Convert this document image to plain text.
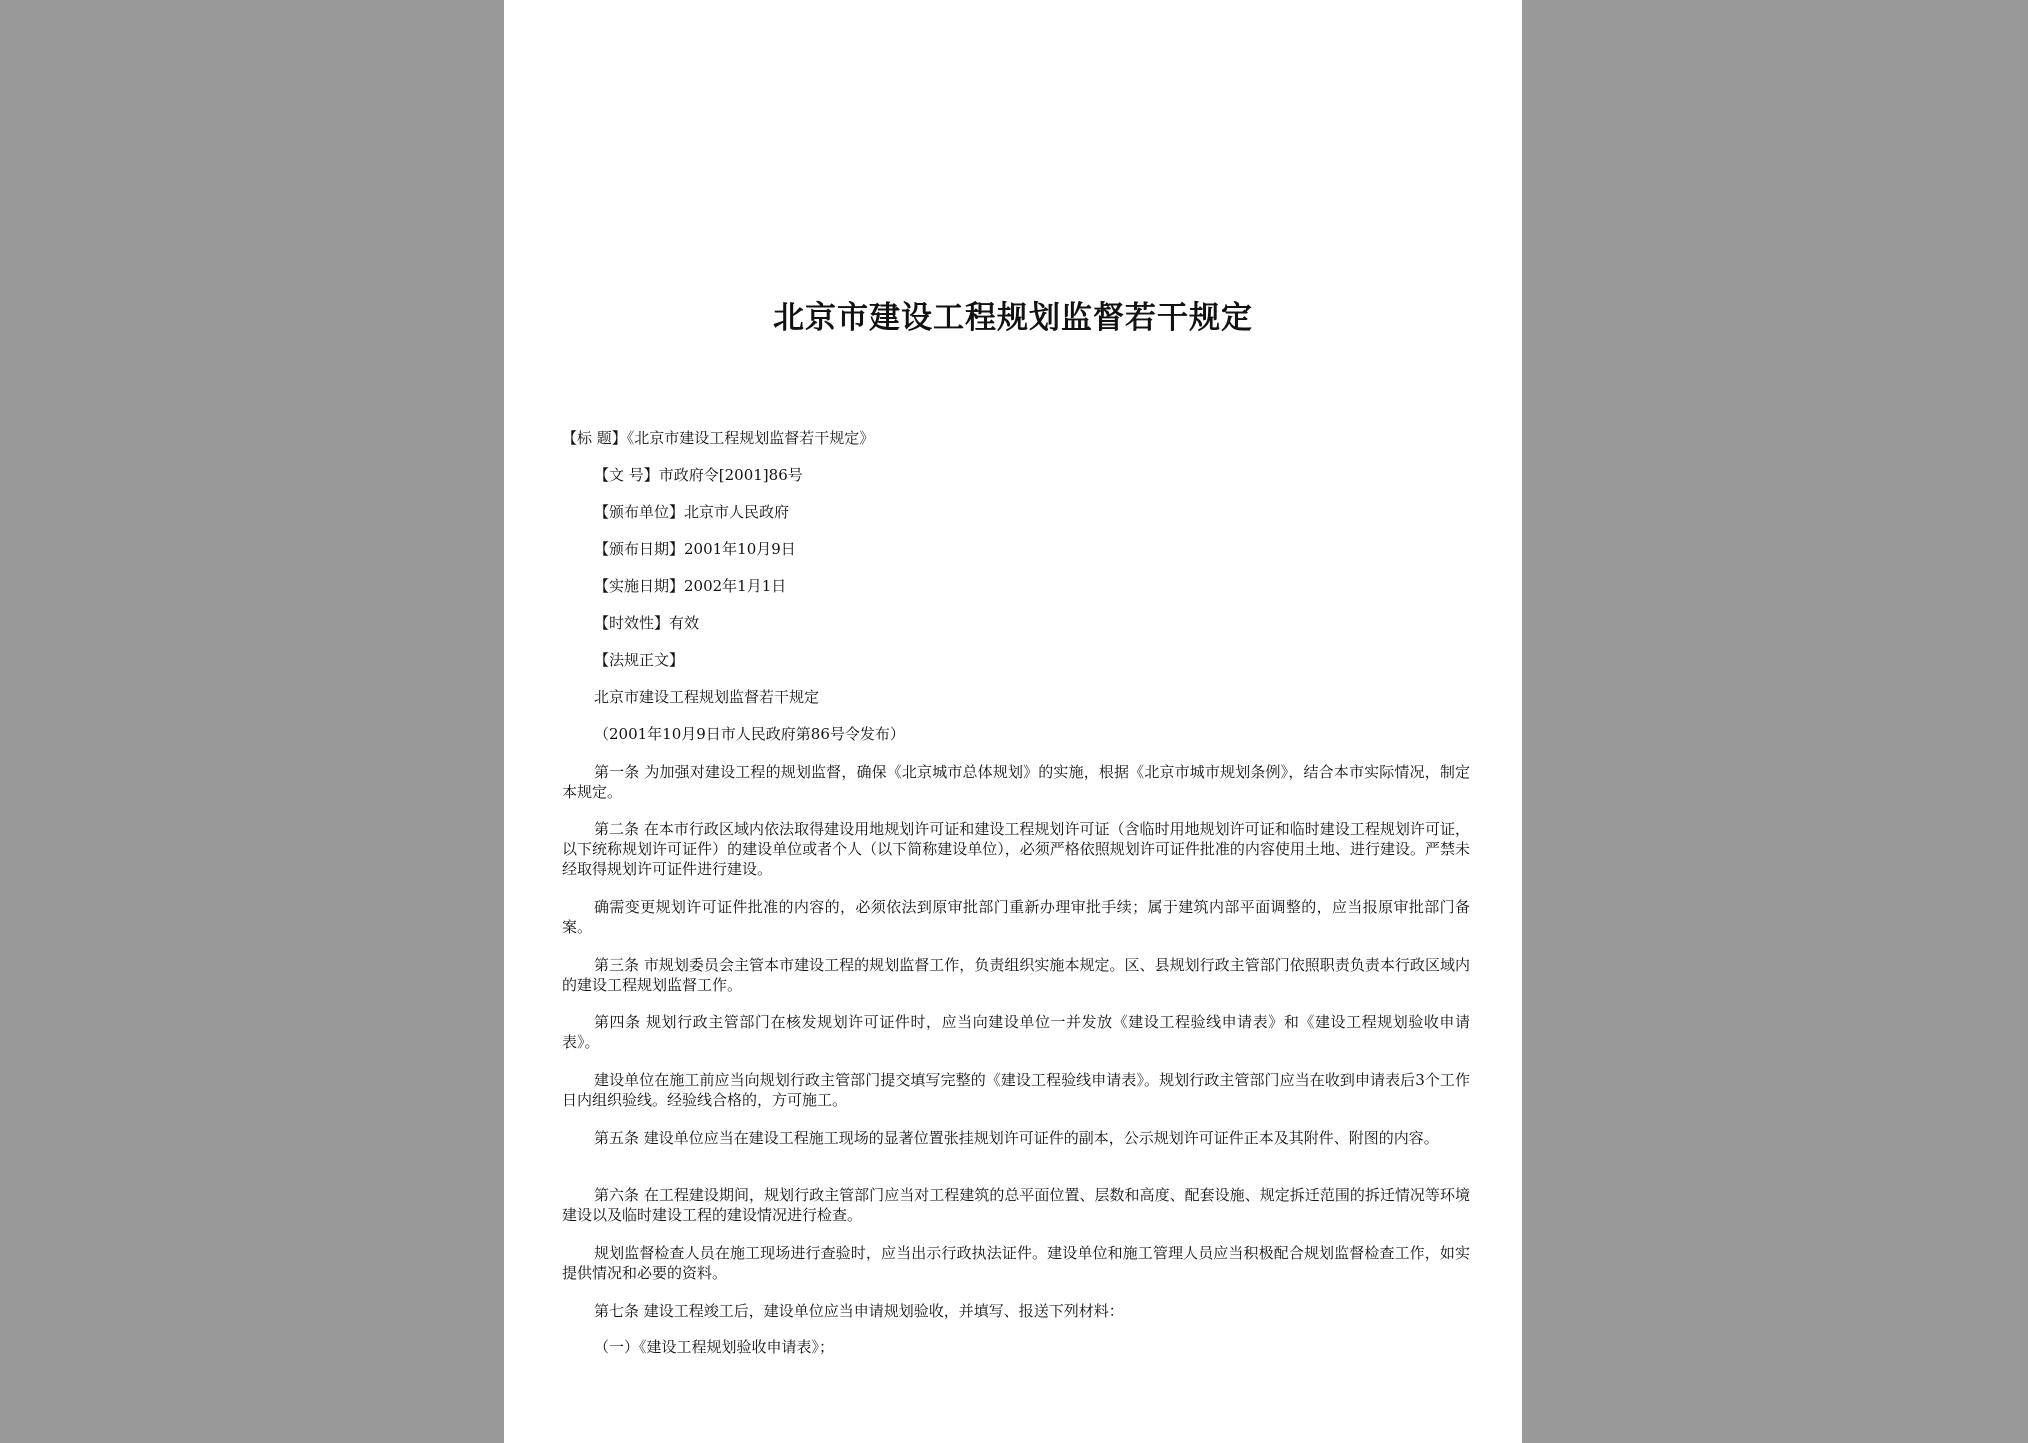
北京市建设工程规划监督若干规定
【标 题】《北京市建设工程规划监督若干规定》
【文 号】市政府令[2001]86号
【颁布单位】北京市人民政府
【颁布日期】2001年10月9日
【实施日期】2002年1月1日
【时效性】有效
【法规正文】
北京市建设工程规划监督若干规定
（2001年10月9日市人民政府第86号令发布）

第一条 为加强对建设工程的规划监督，确保《北京城市总体规划》的实施，根据《北京市城市规划条例》，结合本市实际情况，制定本规定。

第二条 在本市行政区域内依法取得建设用地规划许可证和建设工程规划许可证（含临时用地规划许可证和临时建设工程规划许可证，以下统称规划许可证件）的建设单位或者个人（以下简称建设单位），必须严格依照规划许可证件批准的内容使用土地、进行建设。严禁未经取得规划许可证件进行建设。

确需变更规划许可证件批准的内容的，必须依法到原审批部门重新办理审批手续；属于建筑内部平面调整的，应当报原审批部门备案。

第三条 市规划委员会主管本市建设工程的规划监督工作，负责组织实施本规定。区、县规划行政主管部门依照职责负责本行政区域内的建设工程规划监督工作。

第四条 规划行政主管部门在核发规划许可证件时，应当向建设单位一并发放《建设工程验线申请表》和《建设工程规划验收申请表》。

建设单位在施工前应当向规划行政主管部门提交填写完整的《建设工程验线申请表》。规划行政主管部门应当在收到申请表后3个工作日内组织验线。经验线合格的，方可施工。

第五条 建设单位应当在建设工程施工现场的显著位置张挂规划许可证件的副本，公示规划许可证件正本及其附件、附图的内容。

第六条 在工程建设期间，规划行政主管部门应当对工程建筑的总平面位置、层数和高度、配套设施、规定拆迁范围的拆迁情况等环境建设以及临时建设工程的建设情况进行检查。

规划监督检查人员在施工现场进行查验时，应当出示行政执法证件。建设单位和施工管理人员应当积极配合规划监督检查工作，如实提供情况和必要的资料。

第七条 建设工程竣工后，建设单位应当申请规划验收，并填写、报送下列材料：

（一）《建设工程规划验收申请表》；
